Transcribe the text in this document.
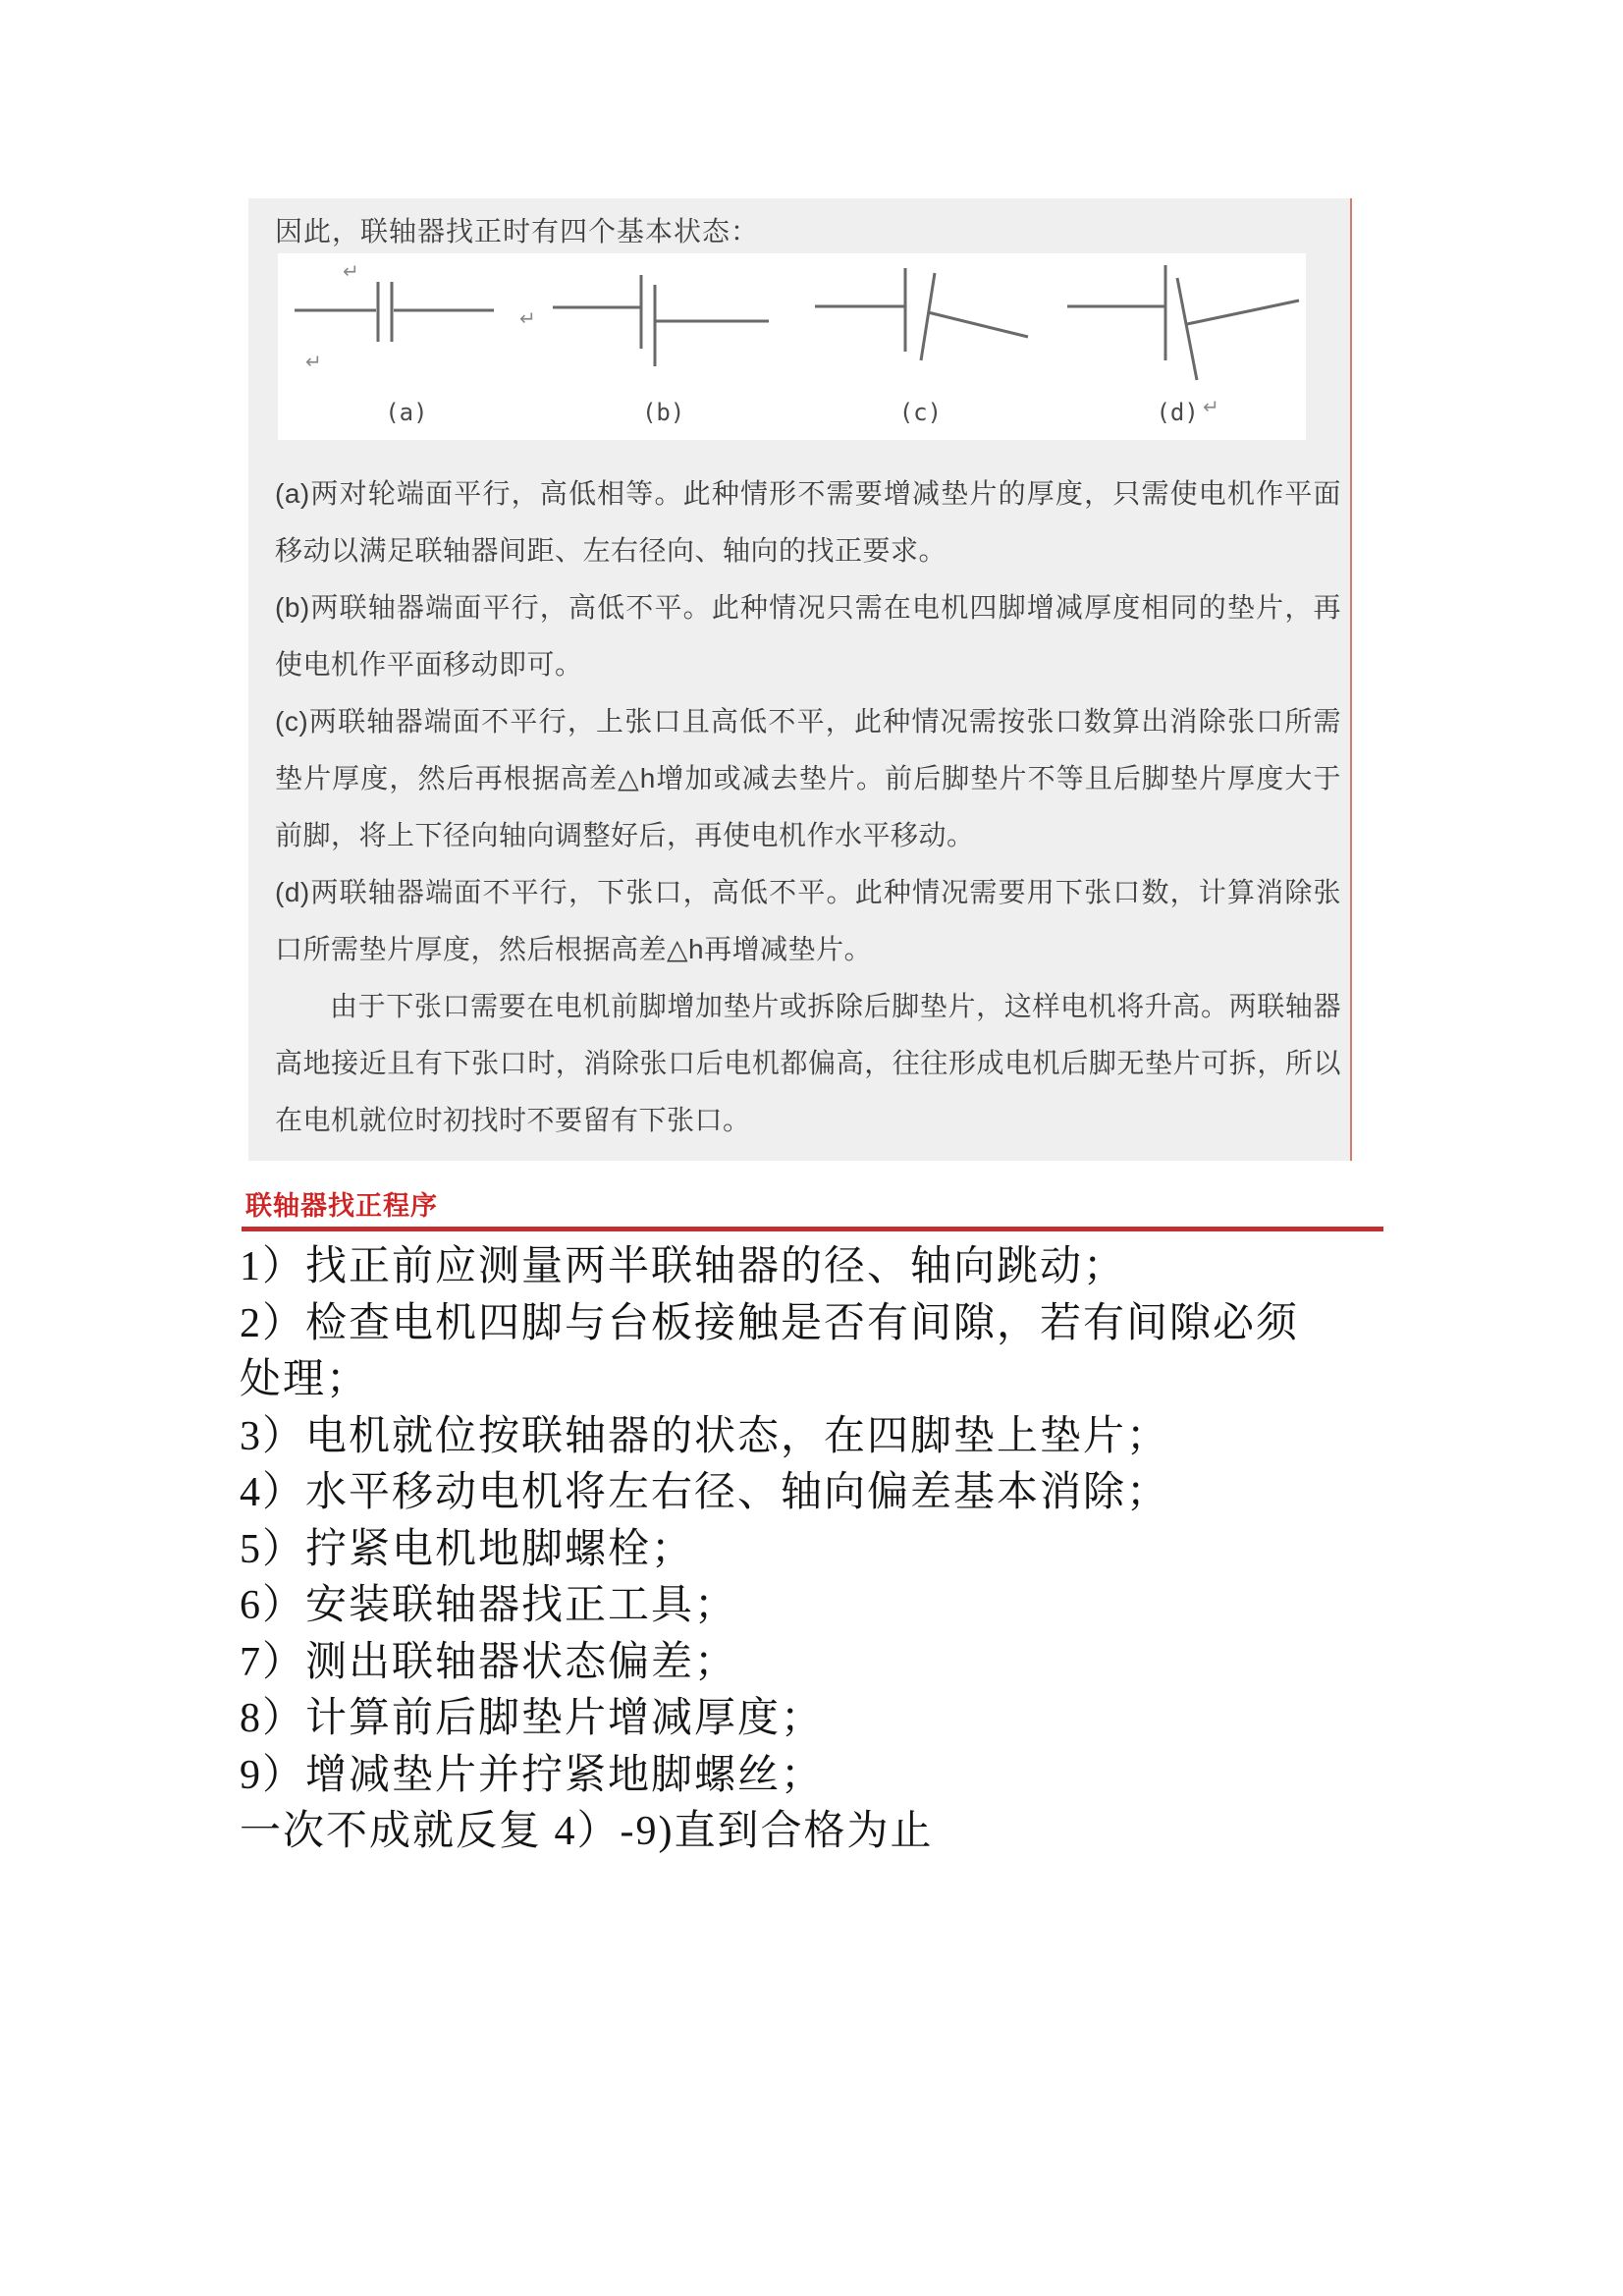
因此，联轴器找正时有四个基本状态：
(a)	(b)	(c)	(d)
↵
↵
↵
↵
(a)两对轮端面平行，高低相等。此种情形不需要增减垫片的厚度，只需使电机作平面移动以满足联轴器间距、左右径向、轴向的找正要求。
(b)两联轴器端面平行，高低不平。此种情况只需在电机四脚增减厚度相同的垫片，再使电机作平面移动即可。
(c)两联轴器端面不平行，上张口且高低不平，此种情况需按张口数算出消除张口所需垫片厚度，然后再根据高差△h增加或减去垫片。前后脚垫片不等且后脚垫片厚度大于前脚，将上下径向轴向调整好后，再使电机作水平移动。
(d)两联轴器端面不平行，下张口，高低不平。此种情况需要用下张口数，计算消除张口所需垫片厚度，然后根据高差△h再增减垫片。
由于下张口需要在电机前脚增加垫片或拆除后脚垫片，这样电机将升高。两联轴器高地接近且有下张口时，消除张口后电机都偏高，往往形成电机后脚无垫片可拆，所以在电机就位时初找时不要留有下张口。
联轴器找正程序
1）找正前应测量两半联轴器的径、轴向跳动；
2）检查电机四脚与台板接触是否有间隙，若有间隙必须
处理；
3）电机就位按联轴器的状态，在四脚垫上垫片；
4）水平移动电机将左右径、轴向偏差基本消除；
5）拧紧电机地脚螺栓；
6）安装联轴器找正工具；
7）测出联轴器状态偏差；
8）计算前后脚垫片增减厚度；
9）增减垫片并拧紧地脚螺丝；
一次不成就反复 4）-9)直到合格为止
